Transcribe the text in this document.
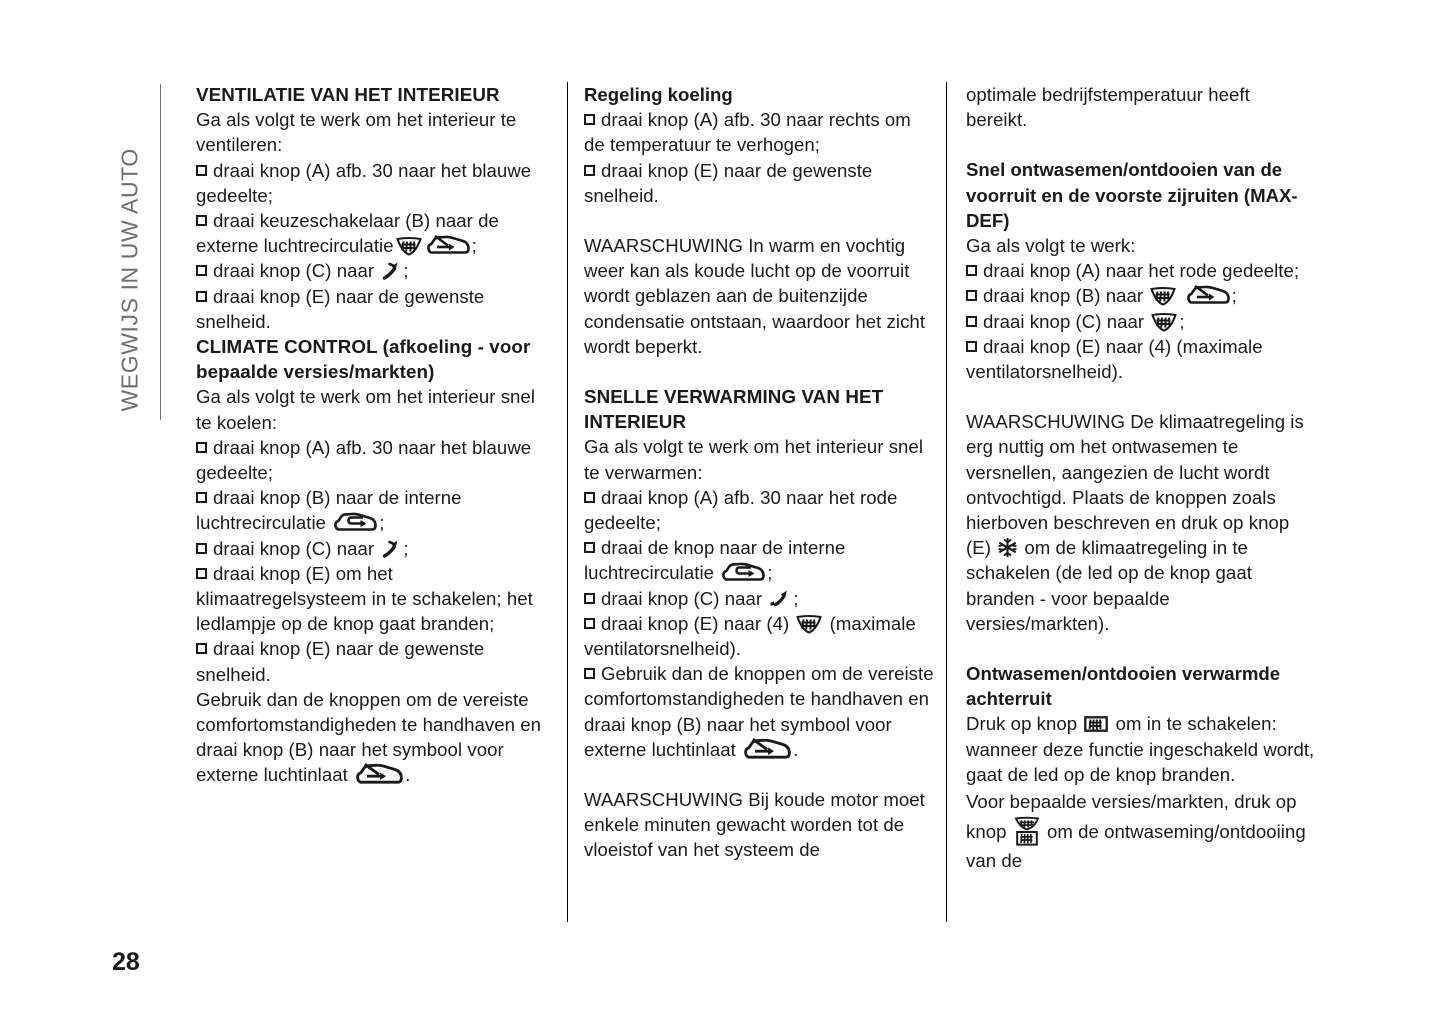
WEGWIJS IN UW AUTO
VENTILATIE VAN HET INTERIEUR

Ga als volgt te werk om het interieur te ventileren:

draai knop (A) afb. 30 naar het blauwe gedeelte;

draai keuzeschakelaar (B) naar de externe luchtrecirculatie	;

draai knop (C) naar ;

draai knop (E) naar de gewenste snelheid.

CLIMATE CONTROL (afkoeling - voor bepaalde versies/markten)

Ga als volgt te werk om het interieur snel te koelen:

draai knop (A) afb. 30 naar het blauwe gedeelte;

draai knop (B) naar de interne luchtrecirculatie	;

draai knop (C) naar ;

draai knop (E) om het klimaatregelsysteem in te schakelen; het ledlampje op de knop gaat branden;

draai knop (E) naar de gewenste snelheid.

Gebruik dan de knoppen om de vereiste comfortomstandigheden te handhaven en draai knop (B) naar het symbool voor externe luchtinlaat	.

Regeling koeling

draai knop (A) afb. 30 naar rechts om de temperatuur te verhogen;

draai knop (E) naar de gewenste snelheid.

WAARSCHUWING In warm en vochtig weer kan als koude lucht op de voorruit wordt geblazen aan de buitenzijde condensatie ontstaan, waardoor het zicht wordt beperkt.

SNELLE VERWARMING VAN HET INTERIEUR

Ga als volgt te werk om het interieur snel te verwarmen:

draai knop (A) afb. 30 naar het rode gedeelte;

draai de knop naar de interne luchtrecirculatie	;

draai knop (C) naar ;

draai knop (E) naar (4) (maximale ventilatorsnelheid).

Gebruik dan de knoppen om de vereiste comfortomstandigheden te handhaven en draai knop (B) naar het symbool voor externe luchtinlaat	.

WAARSCHUWING Bij koude motor moet enkele minuten gewacht worden tot de vloeistof van het systeem de

optimale bedrijfstemperatuur heeft bereikt.

Snel ontwasemen/ontdooien van de voorruit en de voorste zijruiten (MAX-DEF)

Ga als volgt te werk:

draai knop (A) naar het rode gedeelte;

draai knop (B) naar
	;

draai knop (C) naar ;

draai knop (E) naar (4) (maximale ventilatorsnelheid).

WAARSCHUWING De klimaatregeling is erg nuttig om het ontwasemen te versnellen, aangezien de lucht wordt ontvochtigd. Plaats de knoppen zoals hierboven beschreven en druk op knop (E) om de klimaatregeling in te schakelen (de led op de knop gaat branden - voor bepaalde versies/markten).

Ontwasemen/ontdooien verwarmde achterruit

Druk op knop om in te schakelen: wanneer deze functie ingeschakeld wordt, gaat de led op de knop branden.

Voor bepaalde versies/markten, druk op knop om de ontwaseming/ontdooiing van de

28
